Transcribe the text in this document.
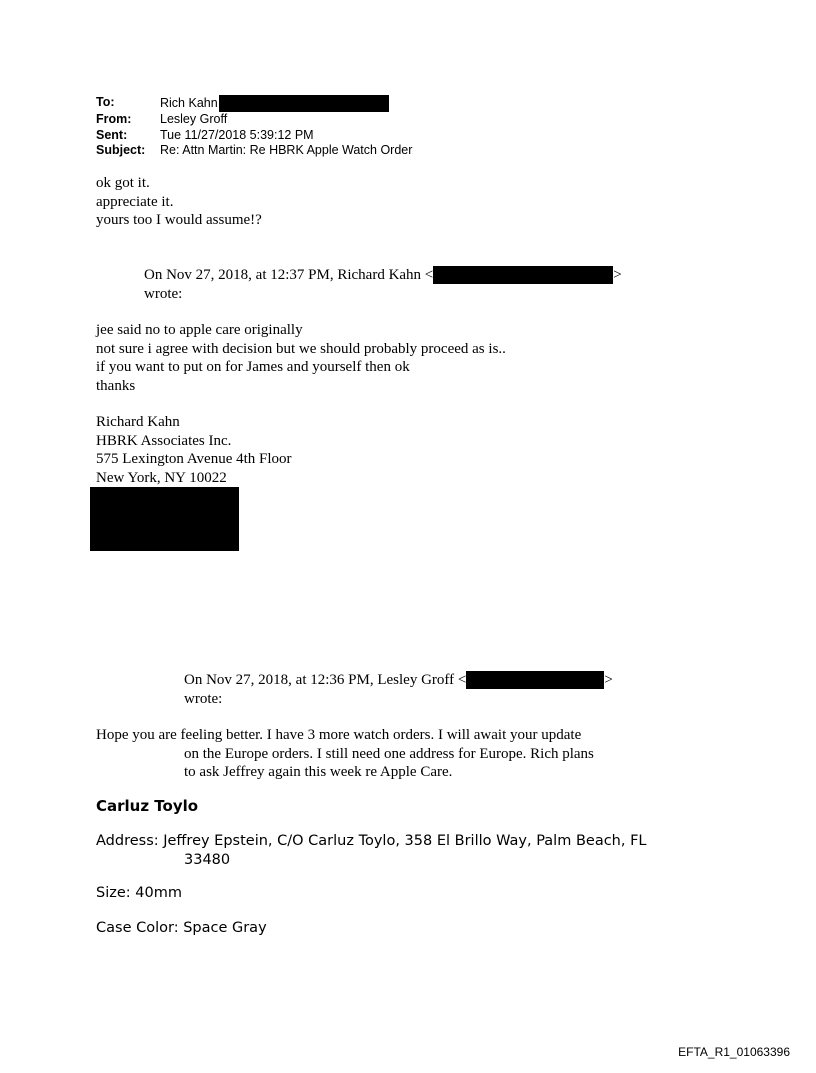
To:	Rich Kahn
From:	Lesley Groff
Sent:	Tue 11/27/2018 5:39:12 PM
Subject:	Re: Attn Martin: Re HBRK Apple Watch Order
ok got it.
appreciate it.
yours too I would assume!?
On Nov 27, 2018, at 12:37 PM, Richard Kahn <	>
wrote:
jee said no to apple care originally
not sure i agree with decision but we should probably proceed as is..
if you want to put on for James and yourself then ok
thanks
Richard Kahn
HBRK Associates Inc.
575 Lexington Avenue 4th Floor
New York, NY 10022
On Nov 27, 2018, at 12:36 PM, Lesley Groff <	>
wrote:
Hope you are feeling better. I have 3 more watch orders. I will await your update
on the Europe orders. I still need one address for Europe. Rich plans
to ask Jeffrey again this week re Apple Care.
Carluz Toylo
Address: Jeffrey Epstein, C/O Carluz Toylo, 358 El Brillo Way, Palm Beach, FL
33480
Size: 40mm
Case Color: Space Gray
EFTA_R1_01063396
